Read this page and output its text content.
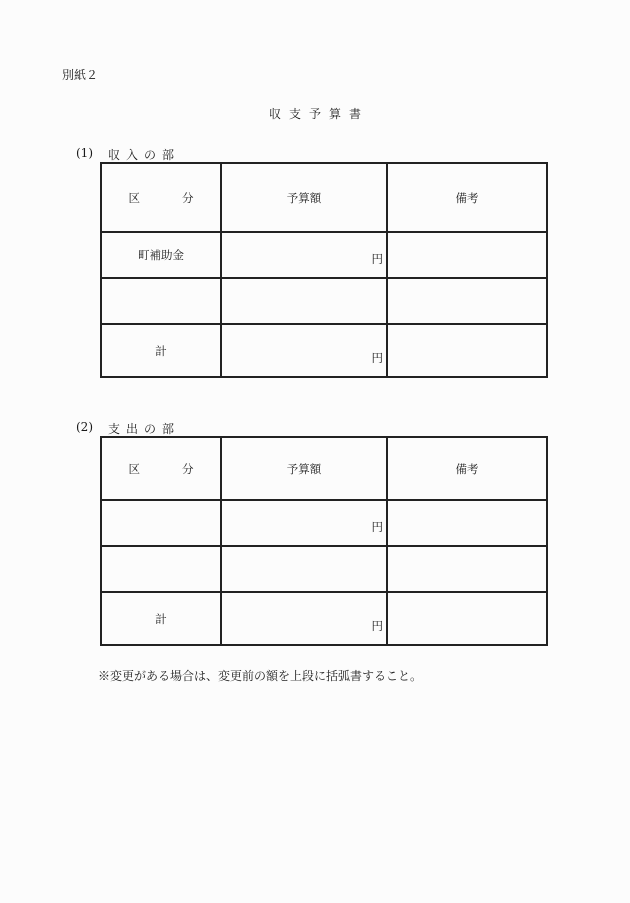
別紙２
収支予算書
(1) 収入の部
区 分	予算額	備考
町補助金	円	

計	円	
(2) 支出の部
区 分	予算額	備考
	円	

計	円	
※変更がある場合は、変更前の額を上段に括弧書すること。
